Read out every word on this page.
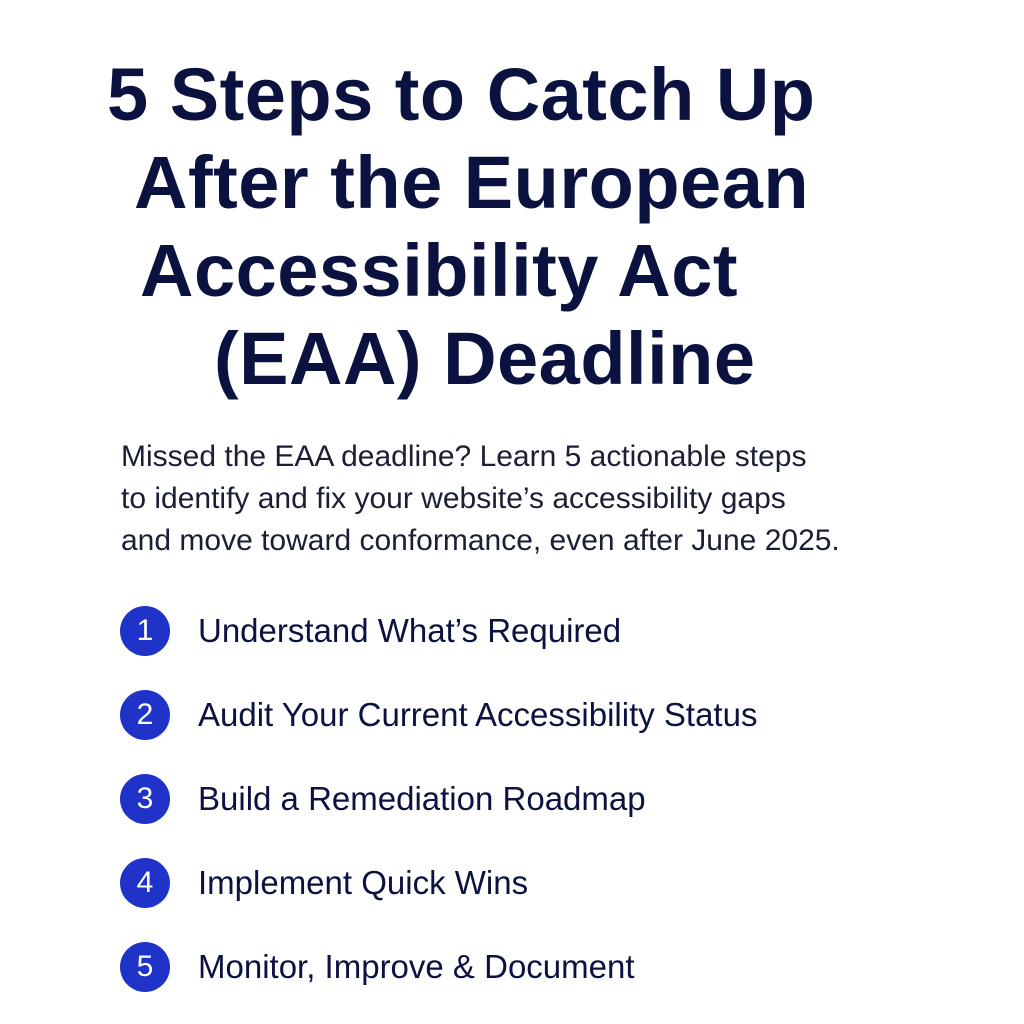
5 Steps to Catch Up
After the European
Accessibility Act
(EAA) Deadline
Missed the EAA deadline? Learn 5 actionable steps
to identify and fix your website’s accessibility gaps
and move toward conformance, even after June 2025.
1	Understand What’s Required
2	Audit Your Current Accessibility Status
3	Build a Remediation Roadmap
4	Implement Quick Wins
5	Monitor, Improve & Document
